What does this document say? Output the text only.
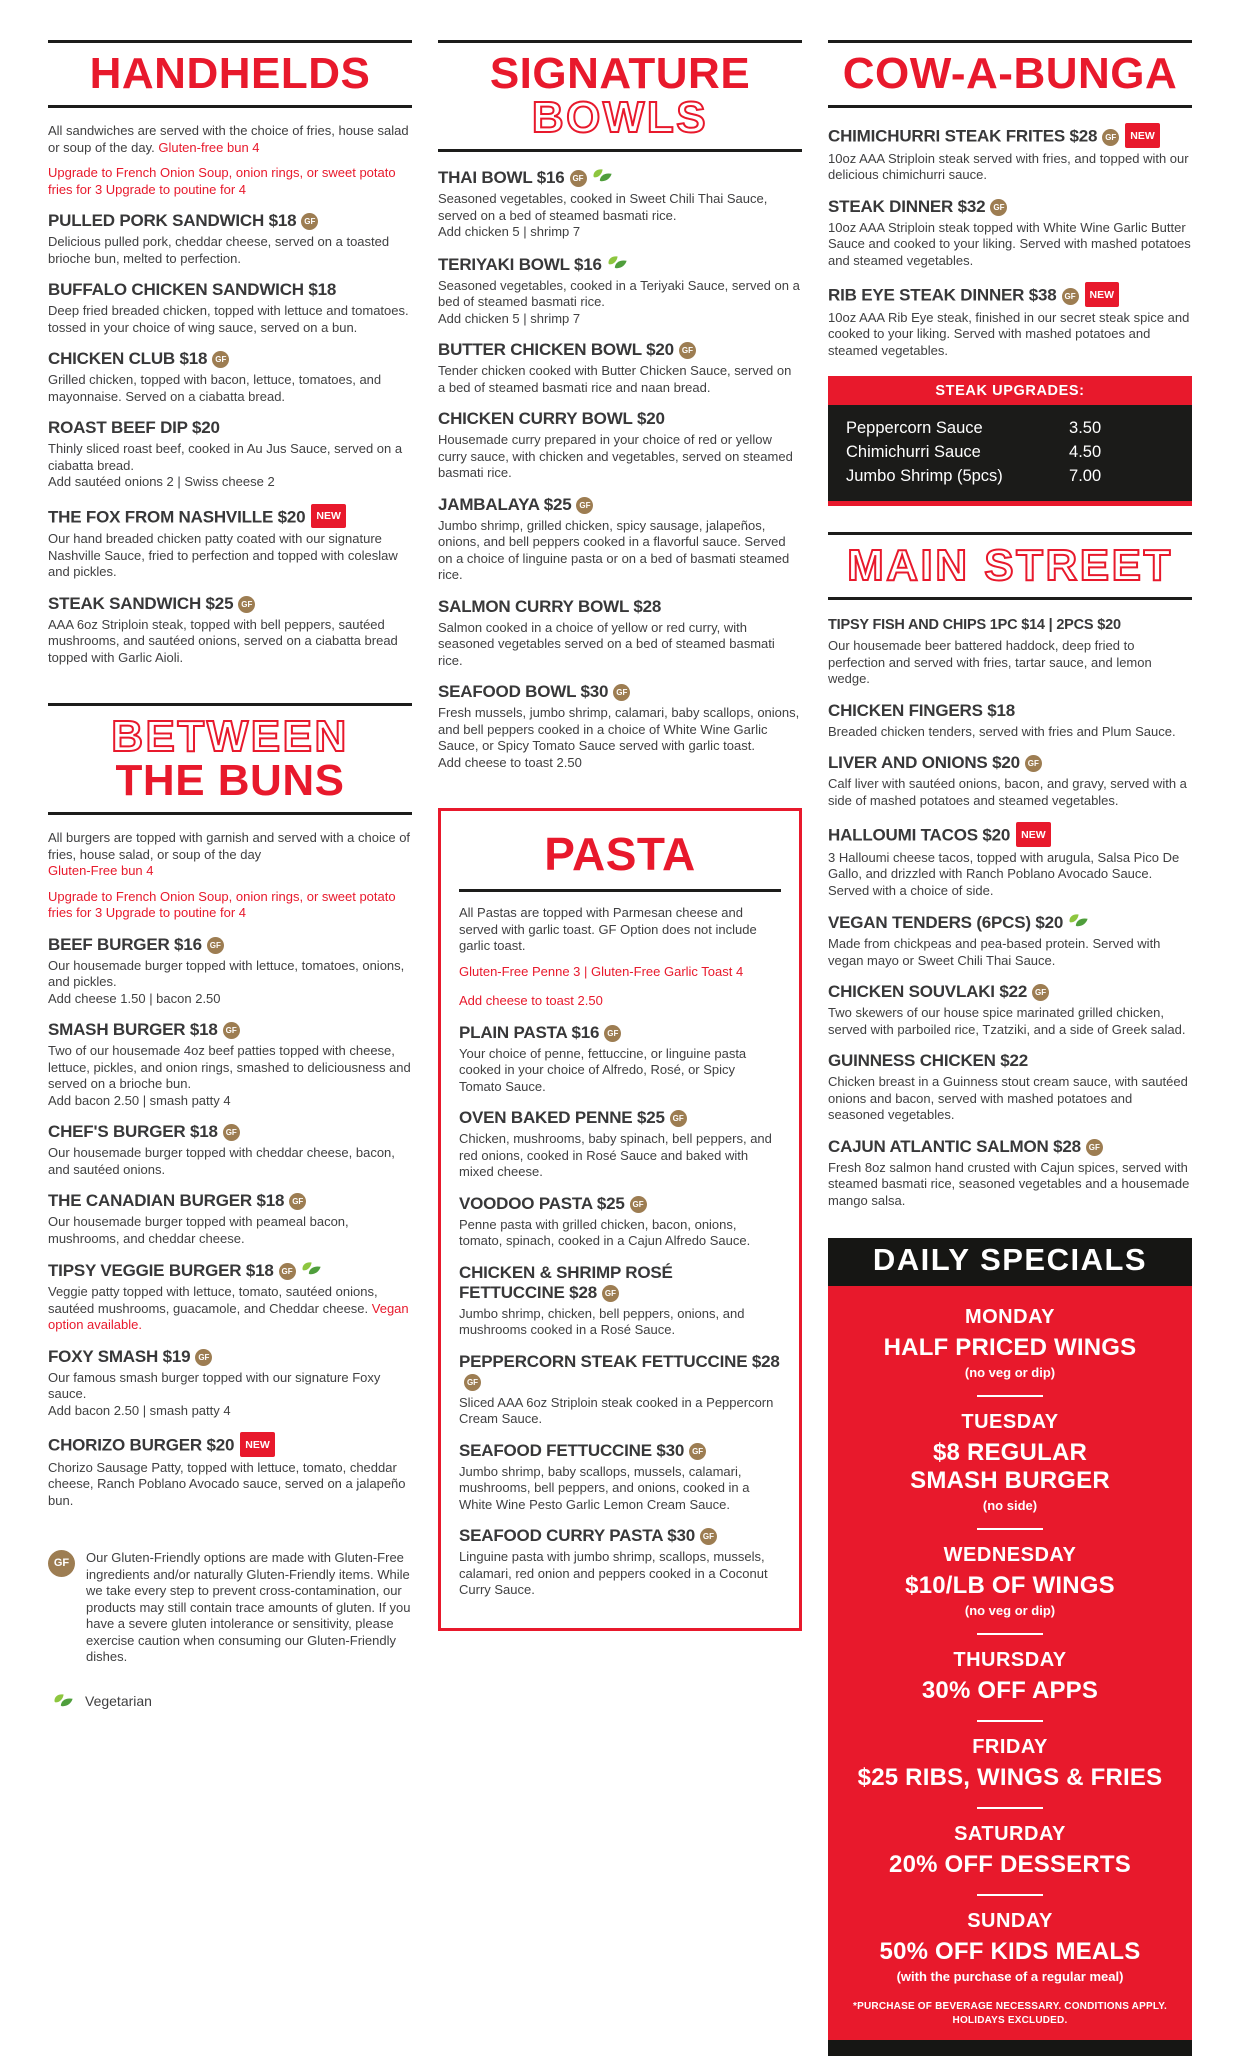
HANDHELDS

All sandwiches are served with the choice of fries, house salad or soup of the day. Gluten-free bun 4

Upgrade to French Onion Soup, onion rings, or sweet potato fries for 3 Upgrade to poutine for 4

PULLED PORK SANDWICH $18 GF
Delicious pulled pork, cheddar cheese, served on a toasted brioche bun, melted to perfection.
BUFFALO CHICKEN SANDWICH $18
Deep fried breaded chicken, topped with lettuce and tomatoes. tossed in your choice of wing sauce, served on a bun.
CHICKEN CLUB $18 GF
Grilled chicken, topped with bacon, lettuce, tomatoes, and mayonnaise. Served on a ciabatta bread.
ROAST BEEF DIP $20
Thinly sliced roast beef, cooked in Au Jus Sauce, served on a ciabatta bread.
Add sautéed onions 2 | Swiss cheese 2
THE FOX FROM NASHVILLE $20 NEW
Our hand breaded chicken patty coated with our signature Nashville Sauce, fried to perfection and topped with coleslaw and pickles.
STEAK SANDWICH $25 GF
AAA 6oz Striploin steak, topped with bell peppers, sautéed mushrooms, and sautéed onions, served on a ciabatta bread topped with Garlic Aioli.
BETWEEN
THE BUNS

All burgers are topped with garnish and served with a choice of fries, house salad, or soup of the day
Gluten-Free bun 4

Upgrade to French Onion Soup, onion rings, or sweet potato fries for 3 Upgrade to poutine for 4

BEEF BURGER $16 GF
Our housemade burger topped with lettuce, tomatoes, onions, and pickles.
Add cheese 1.50 | bacon 2.50
SMASH BURGER $18 GF
Two of our housemade 4oz beef patties topped with cheese, lettuce, pickles, and onion rings, smashed to deliciousness and served on a brioche bun.
Add bacon 2.50 | smash patty 4
CHEF'S BURGER $18 GF
Our housemade burger topped with cheddar cheese, bacon, and sautéed onions.
THE CANADIAN BURGER $18 GF
Our housemade burger topped with peameal bacon, mushrooms, and cheddar cheese.
TIPSY VEGGIE BURGER $18 GF
Veggie patty topped with lettuce, tomato, sautéed onions, sautéed mushrooms, guacamole, and Cheddar cheese. Vegan option available.
FOXY SMASH $19 GF
Our famous smash burger topped with our signature Foxy sauce.
Add bacon 2.50 | smash patty 4
CHORIZO BURGER $20 NEW
Chorizo Sausage Patty, topped with lettuce, tomato, cheddar cheese, Ranch Poblano Avocado sauce, served on a jalapeño bun.
GF	Our Gluten-Friendly options are made with Gluten-Free ingredients and/or naturally Gluten-Friendly items. While we take every step to prevent cross-contamination, our products may still contain trace amounts of gluten. If you have a severe gluten intolerance or sensitivity, please exercise caution when consuming our Gluten-Friendly dishes.
Vegetarian
SIGNATURE
BOWLS
THAI BOWL $16 GF
Seasoned vegetables, cooked in Sweet Chili Thai Sauce, served on a bed of steamed basmati rice.
Add chicken 5 | shrimp 7
TERIYAKI BOWL $16
Seasoned vegetables, cooked in a Teriyaki Sauce, served on a bed of steamed basmati rice.
Add chicken 5 | shrimp 7
BUTTER CHICKEN BOWL $20 GF
Tender chicken cooked with Butter Chicken Sauce, served on a bed of steamed basmati rice and naan bread.
CHICKEN CURRY BOWL $20
Housemade curry prepared in your choice of red or yellow curry sauce, with chicken and vegetables, served on steamed basmati rice.
JAMBALAYA $25 GF
Jumbo shrimp, grilled chicken, spicy sausage, jalapeños, onions, and bell peppers cooked in a flavorful sauce. Served on a choice of linguine pasta or on a bed of basmati steamed rice.
SALMON CURRY BOWL $28
Salmon cooked in a choice of yellow or red curry, with seasoned vegetables served on a bed of steamed basmati rice.
SEAFOOD BOWL $30 GF
Fresh mussels, jumbo shrimp, calamari, baby scallops, onions, and bell peppers cooked in a choice of White Wine Garlic Sauce, or Spicy Tomato Sauce served with garlic toast.
Add cheese to toast 2.50
PASTA

All Pastas are topped with Parmesan cheese and served with garlic toast. GF Option does not include garlic toast.

Gluten-Free Penne 3 | Gluten-Free Garlic Toast 4

Add cheese to toast 2.50

PLAIN PASTA $16 GF
Your choice of penne, fettuccine, or linguine pasta cooked in your choice of Alfredo, Rosé, or Spicy Tomato Sauce.
OVEN BAKED PENNE $25 GF
Chicken, mushrooms, baby spinach, bell peppers, and red onions, cooked in Rosé Sauce and baked with mixed cheese.
VOODOO PASTA $25 GF
Penne pasta with grilled chicken, bacon, onions, tomato, spinach, cooked in a Cajun Alfredo Sauce.
CHICKEN & SHRIMP ROSÉ FETTUCCINE $28 GF
Jumbo shrimp, chicken, bell peppers, onions, and mushrooms cooked in a Rosé Sauce.
PEPPERCORN STEAK FETTUCCINE $28GF
Sliced AAA 6oz Striploin steak cooked in a Peppercorn Cream Sauce.
SEAFOOD FETTUCCINE $30 GF
Jumbo shrimp, baby scallops, mussels, calamari, mushrooms, bell peppers, and onions, cooked in a White Wine Pesto Garlic Lemon Cream Sauce.
SEAFOOD CURRY PASTA $30 GF
Linguine pasta with jumbo shrimp, scallops, mussels, calamari, red onion and peppers cooked in a Coconut Curry Sauce.
COW-A-BUNGA
CHIMICHURRI STEAK FRITES $28 GF NEW
10oz AAA Striploin steak served with fries, and topped with our delicious chimichurri sauce.
STEAK DINNER $32 GF
10oz AAA Striploin steak topped with White Wine Garlic Butter Sauce and cooked to your liking. Served with mashed potatoes and steamed vegetables.
RIB EYE STEAK DINNER $38 GF NEW
10oz AAA Rib Eye steak, finished in our secret steak spice and cooked to your liking. Served with mashed potatoes and steamed vegetables.
STEAK UPGRADES:
Peppercorn Sauce	3.50
Chimichurri Sauce	4.50
Jumbo Shrimp (5pcs)	7.00
MAIN STREET
TIPSY FISH AND CHIPS 1PC $14 | 2PCS $20
Our housemade beer battered haddock, deep fried to perfection and served with fries, tartar sauce, and lemon wedge.
CHICKEN FINGERS $18
Breaded chicken tenders, served with fries and Plum Sauce.
LIVER AND ONIONS $20 GF
Calf liver with sautéed onions, bacon, and gravy, served with a side of mashed potatoes and steamed vegetables.
HALLOUMI TACOS $20 NEW
3 Halloumi cheese tacos, topped with arugula, Salsa Pico De Gallo, and drizzled with Ranch Poblano Avocado Sauce. Served with a choice of side.
VEGAN TENDERS (6PCS) $20
Made from chickpeas and pea-based protein. Served with vegan mayo or Sweet Chili Thai Sauce.
CHICKEN SOUVLAKI $22 GF
Two skewers of our house spice marinated grilled chicken, served with parboiled rice, Tzatziki, and a side of Greek salad.
GUINNESS CHICKEN $22
Chicken breast in a Guinness stout cream sauce, with sautéed onions and bacon, served with mashed potatoes and seasoned vegetables.
CAJUN ATLANTIC SALMON $28 GF
Fresh 8oz salmon hand crusted with Cajun spices, served with steamed basmati rice, seasoned vegetables and a housemade mango salsa.
DAILY SPECIALS
MONDAY
HALF PRICED WINGS
(no veg or dip)
TUESDAY
$8 REGULAR
SMASH BURGER
(no side)
WEDNESDAY
$10/LB OF WINGS
(no veg or dip)
THURSDAY
30% OFF APPS
FRIDAY
$25 RIBS, WINGS & FRIES
SATURDAY
20% OFF DESSERTS
SUNDAY
50% OFF KIDS MEALS
(with the purchase of a regular meal)
*PURCHASE OF BEVERAGE NECESSARY. CONDITIONS APPLY. HOLIDAYS EXCLUDED.
